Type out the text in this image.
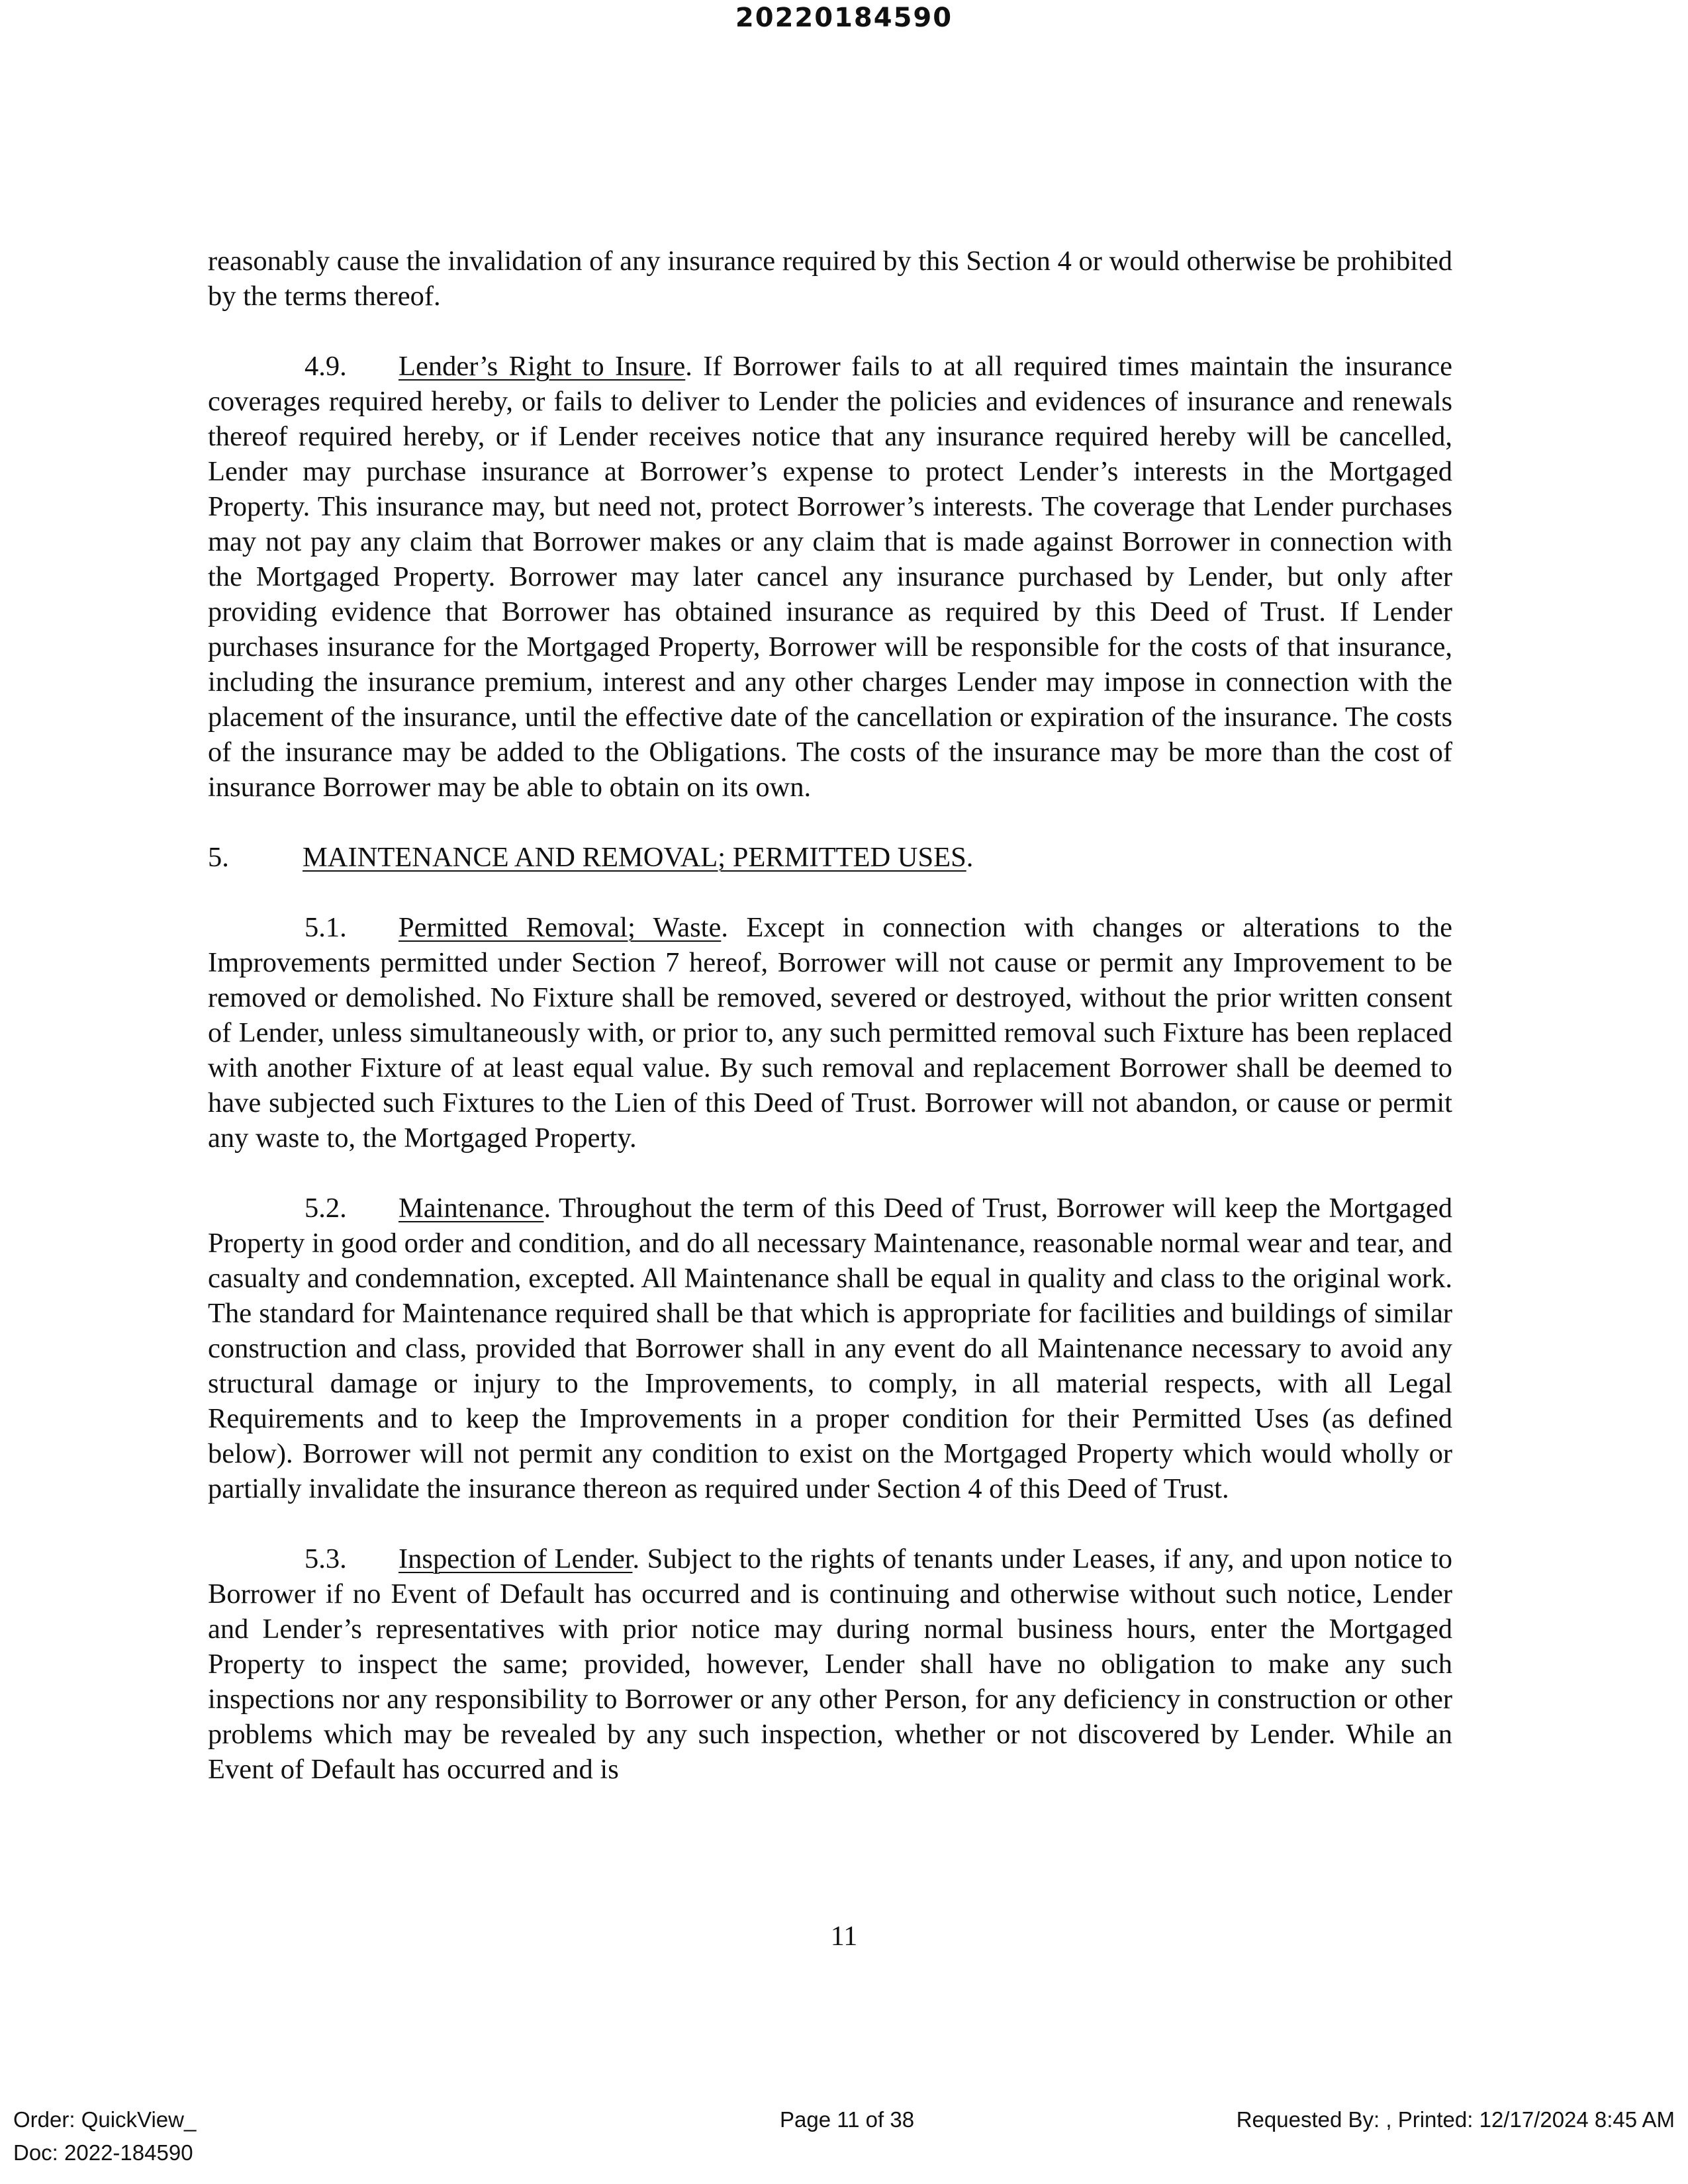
20220184590

reasonably cause the invalidation of any insurance required by this Section 4 or would otherwise be prohibited by the terms thereof.

4.9. Lender’s Right to Insure. If Borrower fails to at all required times maintain the insurance coverages required hereby, or fails to deliver to Lender the policies and evidences of insurance and renewals thereof required hereby, or if Lender receives notice that any insurance required hereby will be cancelled, Lender may purchase insurance at Borrower’s expense to protect Lender’s interests in the Mortgaged Property. This insurance may, but need not, protect Borrower’s interests. The coverage that Lender purchases may not pay any claim that Borrower makes or any claim that is made against Borrower in connection with the Mortgaged Property. Borrower may later cancel any insurance purchased by Lender, but only after providing evidence that Borrower has obtained insurance as required by this Deed of Trust. If Lender purchases insurance for the Mortgaged Property, Borrower will be responsible for the costs of that insurance, including the insurance premium, interest and any other charges Lender may impose in connection with the placement of the insurance, until the effective date of the cancellation or expiration of the insurance. The costs of the insurance may be added to the Obligations. The costs of the insurance may be more than the cost of insurance Borrower may be able to obtain on its own.

5.	MAINTENANCE AND REMOVAL; PERMITTED USES.

5.1. Permitted Removal; Waste. Except in connection with changes or alterations to the Improvements permitted under Section 7 hereof, Borrower will not cause or permit any Improvement to be removed or demolished. No Fixture shall be removed, severed or destroyed, without the prior written consent of Lender, unless simultaneously with, or prior to, any such permitted removal such Fixture has been replaced with another Fixture of at least equal value. By such removal and replacement Borrower shall be deemed to have subjected such Fixtures to the Lien of this Deed of Trust. Borrower will not abandon, or cause or permit any waste to, the Mortgaged Property.

5.2. Maintenance. Throughout the term of this Deed of Trust, Borrower will keep the Mortgaged Property in good order and condition, and do all necessary Maintenance, reasonable normal wear and tear, and casualty and condemnation, excepted. All Maintenance shall be equal in quality and class to the original work. The standard for Maintenance required shall be that which is appropriate for facilities and buildings of similar construction and class, provided that Borrower shall in any event do all Maintenance necessary to avoid any structural damage or injury to the Improvements, to comply, in all material respects, with all Legal Requirements and to keep the Improvements in a proper condition for their Permitted Uses (as defined below). Borrower will not permit any condition to exist on the Mortgaged Property which would wholly or partially invalidate the insurance thereon as required under Section 4 of this Deed of Trust.

5.3. Inspection of Lender. Subject to the rights of tenants under Leases, if any, and upon notice to Borrower if no Event of Default has occurred and is continuing and otherwise without such notice, Lender and Lender’s representatives with prior notice may during normal business hours, enter the Mortgaged Property to inspect the same; provided, however, Lender shall have no obligation to make any such inspections nor any responsibility to Borrower or any other Person, for any deficiency in construction or other problems which may be revealed by any such inspection, whether or not discovered by Lender. While an Event of Default has occurred and is

11
Order: QuickView_
Doc: 2022-184590
Page 11 of 38	Requested By: , Printed: 12/17/2024 8:45 AM
